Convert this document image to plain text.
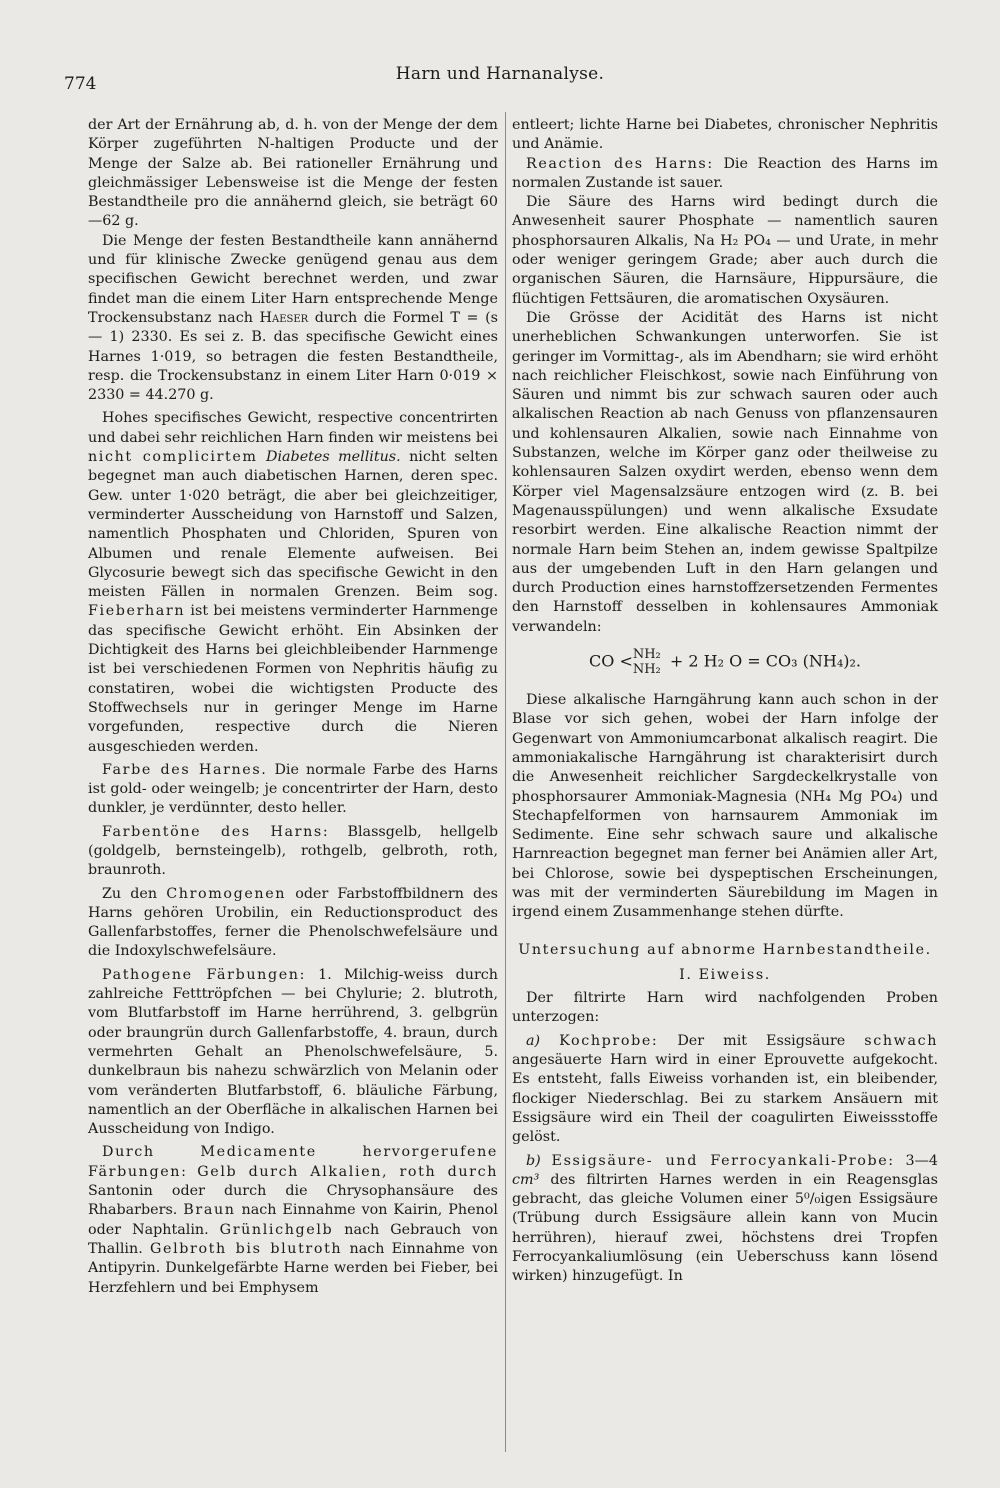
774	Harn und Harnanalyse.

der Art der Ernährung ab, d. h. von der Menge der dem Körper zugeführten N-haltigen Producte und der Menge der Salze ab. Bei rationeller Ernährung und gleichmässiger Lebensweise ist die Menge der festen Bestandtheile pro die annähernd gleich, sie beträgt 60—62 g.

Die Menge der festen Bestandtheile kann annähernd und für klinische Zwecke genügend genau aus dem specifischen Gewicht berechnet werden, und zwar findet man die einem Liter Harn entsprechende Menge Trockensubstanz nach Haeser durch die Formel T = (s — 1) 2330. Es sei z. B. das specifische Gewicht eines Harnes 1·019, so betragen die festen Bestandtheile, resp. die Trockensubstanz in einem Liter Harn 0·019 × 2330 = 44.270 g.

Hohes specifisches Gewicht, respective concentrirten und dabei sehr reichlichen Harn finden wir meistens bei nicht complicirtem Diabetes mellitus. nicht selten begegnet man auch diabetischen Harnen, deren spec. Gew. unter 1·020 beträgt, die aber bei gleichzeitiger, verminderter Ausscheidung von Harnstoff und Salzen, namentlich Phosphaten und Chloriden, Spuren von Albumen und renale Elemente aufweisen. Bei Glycosurie bewegt sich das specifische Gewicht in den meisten Fällen in normalen Grenzen. Beim sog. Fieberharn ist bei meistens verminderter Harnmenge das specifische Gewicht erhöht. Ein Absinken der Dichtigkeit des Harns bei gleichbleibender Harnmenge ist bei verschiedenen Formen von Nephritis häufig zu constatiren, wobei die wichtigsten Producte des Stoffwechsels nur in geringer Menge im Harne vorgefunden, respective durch die Nieren ausgeschieden werden.

Farbe des Harnes. Die normale Farbe des Harns ist gold- oder weingelb; je concentrirter der Harn, desto dunkler, je verdünnter, desto heller.

Farbentöne des Harns: Blassgelb, hellgelb (goldgelb, bernsteingelb), rothgelb, gelbroth, roth, braunroth.

Zu den Chromogenen oder Farbstoffbildnern des Harns gehören Urobilin, ein Reductionsproduct des Gallenfarbstoffes, ferner die Phenolschwefelsäure und die Indoxylschwefelsäure.

Pathogene Färbungen: 1. Milchig-weiss durch zahlreiche Fetttröpfchen — bei Chylurie; 2. blutroth, vom Blutfarbstoff im Harne herrührend, 3. gelbgrün oder braungrün durch Gallenfarbstoffe, 4. braun, durch vermehrten Gehalt an Phenolschwefelsäure, 5. dunkelbraun bis nahezu schwärzlich von Melanin oder vom veränderten Blutfarbstoff, 6. bläuliche Färbung, namentlich an der Oberfläche in alkalischen Harnen bei Ausscheidung von Indigo.

Durch Medicamente hervorgerufene Färbungen: Gelb durch Alkalien, roth durch Santonin oder durch die Chrysophansäure des Rhabarbers. Braun nach Einnahme von Kairin, Phenol oder Naphtalin. Grünlichgelb nach Gebrauch von Thallin. Gelbroth bis blutroth nach Einnahme von Antipyrin. Dunkelgefärbte Harne werden bei Fieber, bei Herzfehlern und bei Emphysem

entleert; lichte Harne bei Diabetes, chronischer Nephritis und Anämie.

Reaction des Harns: Die Reaction des Harns im normalen Zustande ist sauer.

Die Säure des Harns wird bedingt durch die Anwesenheit saurer Phosphate — namentlich sauren phosphorsauren Alkalis, Na H₂ PO₄ — und Urate, in mehr oder weniger geringem Grade; aber auch durch die organischen Säuren, die Harnsäure, Hippursäure, die flüchtigen Fettsäuren, die aromatischen Oxysäuren.

Die Grösse der Acidität des Harns ist nicht unerheblichen Schwankungen unterworfen. Sie ist geringer im Vormittag-, als im Abendharn; sie wird erhöht nach reichlicher Fleischkost, sowie nach Einführung von Säuren und nimmt bis zur schwach sauren oder auch alkalischen Reaction ab nach Genuss von pflanzensauren und kohlensauren Alkalien, sowie nach Einnahme von Substanzen, welche im Körper ganz oder theilweise zu kohlensauren Salzen oxydirt werden, ebenso wenn dem Körper viel Magensalzsäure entzogen wird (z. B. bei Magenausspülungen) und wenn alkalische Exsudate resorbirt werden. Eine alkalische Reaction nimmt der normale Harn beim Stehen an, indem gewisse Spaltpilze aus der umgebenden Luft in den Harn gelangen und durch Production eines harnstoffzersetzenden Fermentes den Harnstoff desselben in kohlensaures Ammoniak verwandeln:

CO <NH₂
NH₂ + 2 H₂ O = CO₃ (NH₄)₂.

Diese alkalische Harngährung kann auch schon in der Blase vor sich gehen, wobei der Harn infolge der Gegenwart von Ammoniumcarbonat alkalisch reagirt. Die ammoniakalische Harngährung ist charakterisirt durch die Anwesenheit reichlicher Sargdeckelkrystalle von phosphorsaurer Ammoniak-Magnesia (NH₄ Mg PO₄) und Stechapfelformen von harnsaurem Ammoniak im Sedimente. Eine sehr schwach saure und alkalische Harnreaction begegnet man ferner bei Anämien aller Art, bei Chlorose, sowie bei dyspeptischen Erscheinungen, was mit der verminderten Säurebildung im Magen in irgend einem Zusammenhange stehen dürfte.

Untersuchung auf abnorme Harnbestandtheile.

I. Eiweiss.

Der filtrirte Harn wird nachfolgenden Proben unterzogen:

a) Kochprobe: Der mit Essigsäure schwach angesäuerte Harn wird in einer Eprouvette aufgekocht. Es entsteht, falls Eiweiss vorhanden ist, ein bleibender, flockiger Niederschlag. Bei zu starkem Ansäuern mit Essigsäure wird ein Theil der coagulirten Eiweissstoffe gelöst.

b) Essigsäure- und Ferrocyankali-Probe: 3—4 cm³ des filtrirten Harnes werden in ein Reagensglas gebracht, das gleiche Volumen einer 5⁰/₀igen Essigsäure (Trübung durch Essigsäure allein kann von Mucin herrühren), hierauf zwei, höchstens drei Tropfen Ferrocyankaliumlösung (ein Ueberschuss kann lösend wirken) hinzugefügt. In
